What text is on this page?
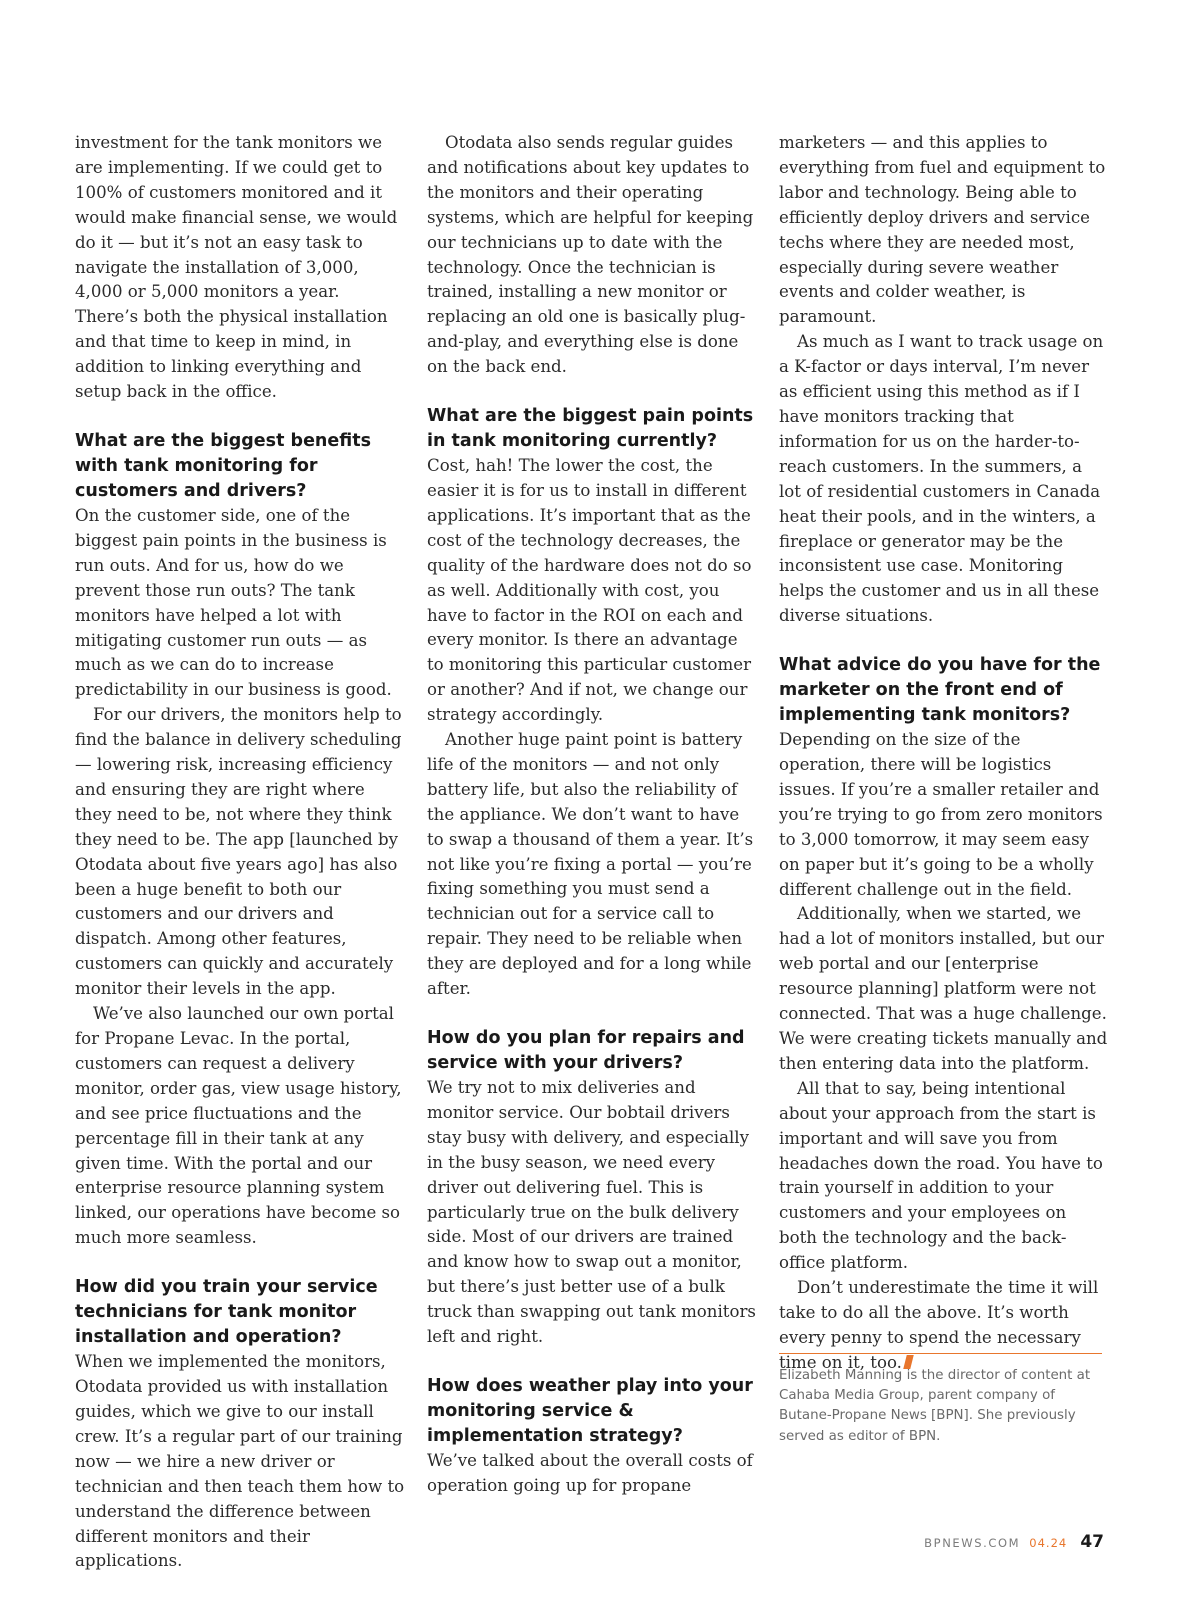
investment for the tank monitors we are implementing. If we could get to 100% of customers monitored and it would make financial sense, we would do it — but it’s not an easy task to navigate the installation of 3,000, 4,000 or 5,000 monitors a year. There’s both the physical installation and that time to keep in mind, in addition to linking everything and setup back in the office.

What are the biggest benefits with tank monitoring for customers and drivers?

On the customer side, one of the biggest pain points in the business is run outs. And for us, how do we prevent those run outs? The tank monitors have helped a lot with mitigating customer run outs — as much as we can do to increase predictability in our business is good.

For our drivers, the monitors help to find the balance in delivery scheduling — lowering risk, increasing efficiency and ensuring they are right where they need to be, not where they think they need to be. The app [launched by Otodata about five years ago] has also been a huge benefit to both our customers and our drivers and dispatch. Among other features, customers can quickly and accurately monitor their levels in the app.

We’ve also launched our own portal for Propane Levac. In the portal, customers can request a delivery monitor, order gas, view usage history, and see price fluctuations and the percentage fill in their tank at any given time. With the portal and our enterprise resource planning system linked, our operations have become so much more seamless.

How did you train your service technicians for tank monitor installation and operation?

When we implemented the monitors, Otodata provided us with installation guides, which we give to our install crew. It’s a regular part of our training now — we hire a new driver or technician and then teach them how to understand the difference between different monitors and their applications.

Otodata also sends regular guides and notifications about key updates to the monitors and their operating systems, which are helpful for keeping our technicians up to date with the technology. Once the technician is trained, installing a new monitor or replacing an old one is basically plug-and-play, and everything else is done on the back end.

What are the biggest pain points in tank monitoring currently?

Cost, hah! The lower the cost, the easier it is for us to install in different applications. It’s important that as the cost of the technology decreases, the quality of the hardware does not do so as well. Additionally with cost, you have to factor in the ROI on each and every monitor. Is there an advantage to monitoring this particular customer or another? And if not, we change our strategy accordingly.

Another huge paint point is battery life of the monitors — and not only battery life, but also the reliability of the appliance. We don’t want to have to swap a thousand of them a year. It’s not like you’re fixing a portal — you’re fixing something you must send a technician out for a service call to repair. They need to be reliable when they are deployed and for a long while after.

How do you plan for repairs and service with your drivers?

We try not to mix deliveries and monitor service. Our bobtail drivers stay busy with delivery, and especially in the busy season, we need every driver out delivering fuel. This is particularly true on the bulk delivery side. Most of our drivers are trained and know how to swap out a monitor, but there’s just better use of a bulk truck than swapping out tank monitors left and right.

How does weather play into your monitoring service & implementation strategy?

We’ve talked about the overall costs of operation going up for propane

marketers — and this applies to everything from fuel and equipment to labor and technology. Being able to efficiently deploy drivers and service techs where they are needed most, especially during severe weather events and colder weather, is paramount.

As much as I want to track usage on a K-factor or days interval, I’m never as efficient using this method as if I have monitors tracking that information for us on the harder-to-reach customers. In the summers, a lot of residential customers in Canada heat their pools, and in the winters, a fireplace or generator may be the inconsistent use case. Monitoring helps the customer and us in all these diverse situations.

What advice do you have for the marketer on the front end of implementing tank monitors?

Depending on the size of the operation, there will be logistics issues. If you’re a smaller retailer and you’re trying to go from zero monitors to 3,000 tomorrow, it may seem easy on paper but it’s going to be a wholly different challenge out in the field.

Additionally, when we started, we had a lot of monitors installed, but our web portal and our [enterprise resource planning] platform were not connected. That was a huge challenge. We were creating tickets manually and then entering data into the platform.

All that to say, being intentional about your approach from the start is important and will save you from headaches down the road. You have to train yourself in addition to your customers and your employees on both the technology and the back-office platform.

Don’t underestimate the time it will take to do all the above. It’s worth every penny to spend the necessary time on it, too.

Elizabeth Manning is the director of content at Cahaba Media Group, parent company of Butane-Propane News [BPN]. She previously served as editor of BPN.
BPNEWS.COM 04.24 47
